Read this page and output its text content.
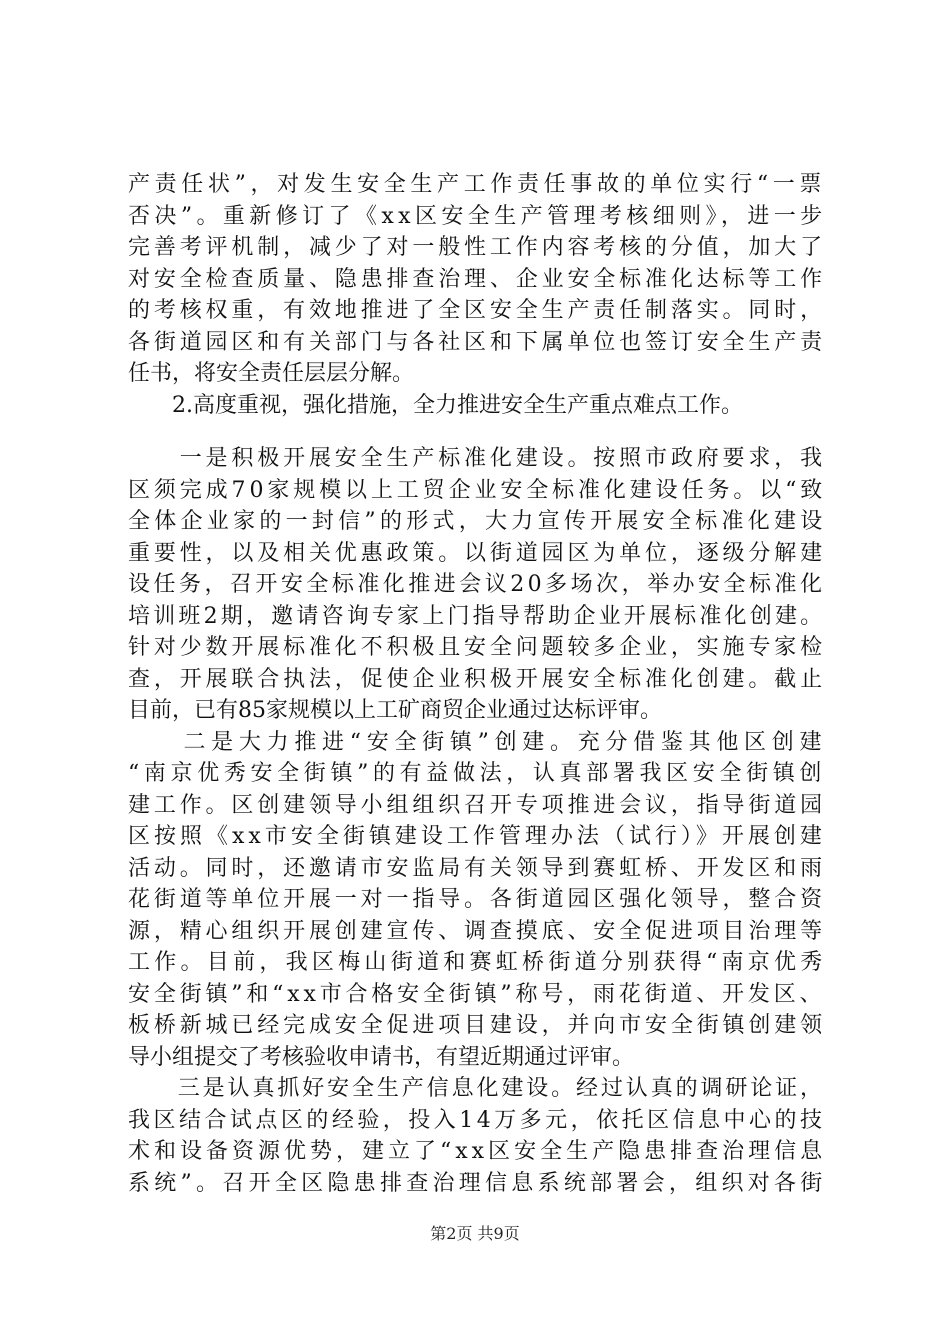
产责任状”，对发生安全生产工作责任事故的单位实行“一票
否决”。重新修订了《xx区安全生产管理考核细则》，进一步
完善考评机制，减少了对一般性工作内容考核的分值，加大了
对安全检查质量、隐患排查治理、企业安全标准化达标等工作
的考核权重，有效地推进了全区安全生产责任制落实。同时，
各街道园区和有关部门与各社区和下属单位也签订安全生产责
任书，将安全责任层层分解。
　　2.高度重视，强化措施，全力推进安全生产重点难点工作。
　　一是积极开展安全生产标准化建设。按照市政府要求，我
区须完成70家规模以上工贸企业安全标准化建设任务。以“致
全体企业家的一封信”的形式，大力宣传开展安全标准化建设
重要性，以及相关优惠政策。以街道园区为单位，逐级分解建
设任务，召开安全标准化推进会议20多场次，举办安全标准化
培训班2期，邀请咨询专家上门指导帮助企业开展标准化创建。
针对少数开展标准化不积极且安全问题较多企业，实施专家检
查，开展联合执法，促使企业积极开展安全标准化创建。截止
目前，已有85家规模以上工矿商贸企业通过达标评审。
　　二是大力推进“安全街镇”创建。充分借鉴其他区创建
“南京优秀安全街镇”的有益做法，认真部署我区安全街镇创
建工作。区创建领导小组组织召开专项推进会议，指导街道园
区按照《xx市安全街镇建设工作管理办法（试行）》开展创建
活动。同时，还邀请市安监局有关领导到赛虹桥、开发区和雨
花街道等单位开展一对一指导。各街道园区强化领导，整合资
源，精心组织开展创建宣传、调查摸底、安全促进项目治理等
工作。目前，我区梅山街道和赛虹桥街道分别获得“南京优秀
安全街镇”和“xx市合格安全街镇”称号，雨花街道、开发区、
板桥新城已经完成安全促进项目建设，并向市安全街镇创建领
导小组提交了考核验收申请书，有望近期通过评审。
　　三是认真抓好安全生产信息化建设。经过认真的调研论证，
我区结合试点区的经验，投入14万多元，依托区信息中心的技
术和设备资源优势，建立了“xx区安全生产隐患排查治理信息
系统”。召开全区隐患排查治理信息系统部署会，组织对各街
第2页 共9页
